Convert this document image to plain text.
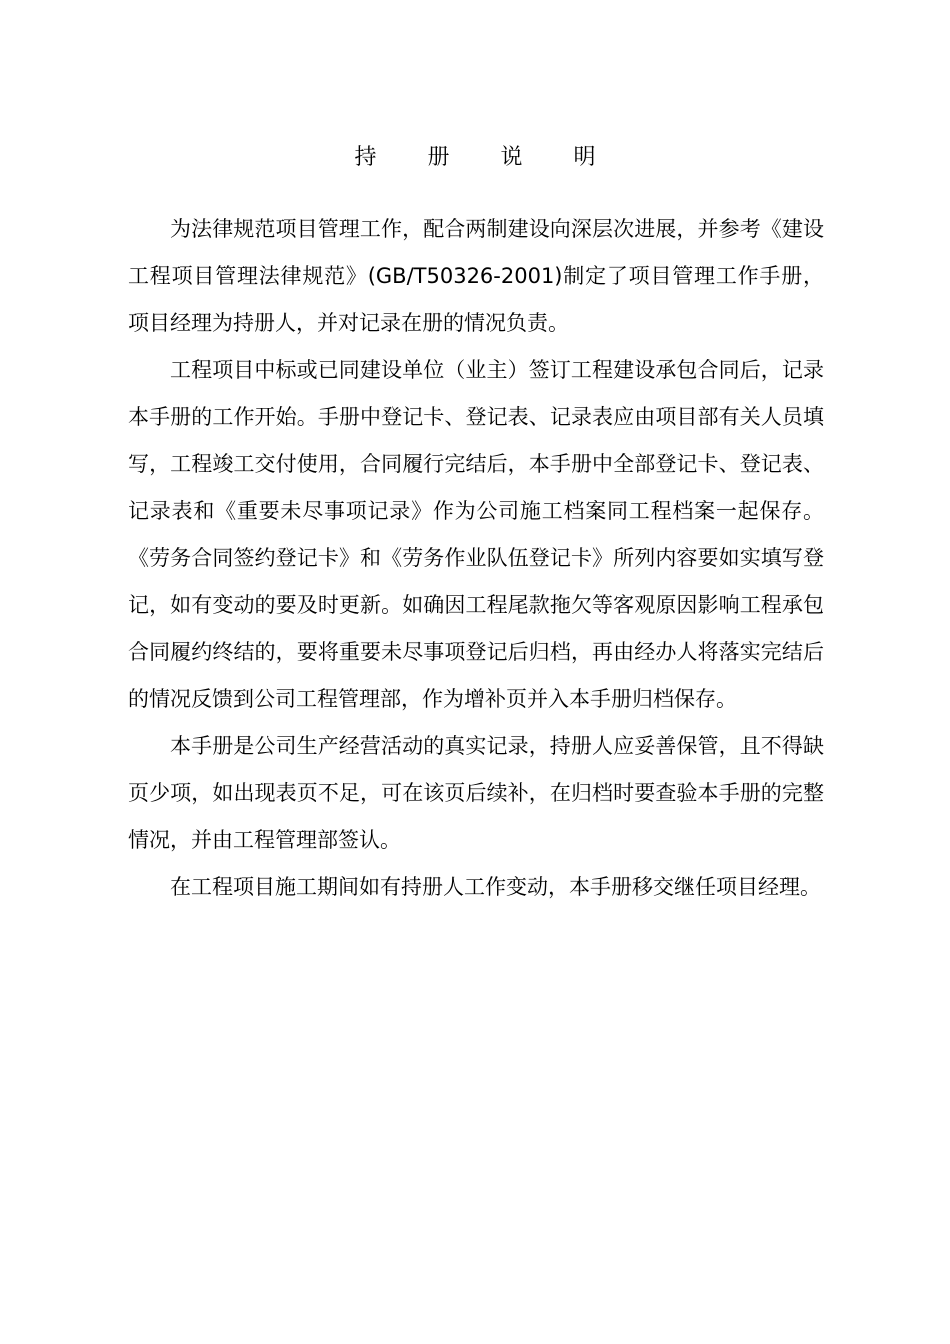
持 册 说 明

为法律规范项目管理工作，配合两制建设向深层次进展，并参考《建设工程项目管理法律规范》(GB/T50326-2001)制定了项目管理工作手册，项目经理为持册人，并对记录在册的情况负责。

工程项目中标或已同建设单位（业主）签订工程建设承包合同后，记录本手册的工作开始。手册中登记卡、登记表、记录表应由项目部有关人员填写，工程竣工交付使用，合同履行完结后，本手册中全部登记卡、登记表、记录表和《重要未尽事项记录》作为公司施工档案同工程档案一起保存。《劳务合同签约登记卡》和《劳务作业队伍登记卡》所列内容要如实填写登记，如有变动的要及时更新。如确因工程尾款拖欠等客观原因影响工程承包合同履约终结的，要将重要未尽事项登记后归档，再由经办人将落实完结后的情况反馈到公司工程管理部，作为增补页并入本手册归档保存。

本手册是公司生产经营活动的真实记录，持册人应妥善保管，且不得缺页少项，如出现表页不足，可在该页后续补，在归档时要查验本手册的完整情况，并由工程管理部签认。

在工程项目施工期间如有持册人工作变动，本手册移交继任项目经理。
